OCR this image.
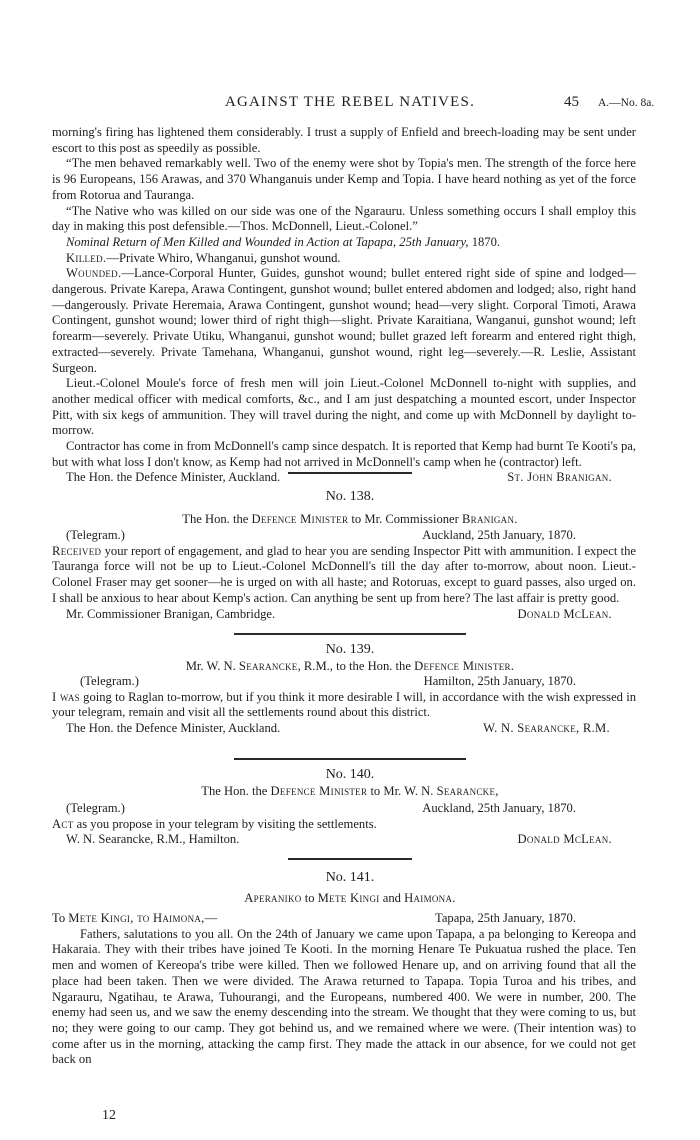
AGAINST THE REBEL NATIVES.	45 A.—No. 8a.

morning's firing has lightened them considerably. I trust a supply of Enfield and breech-loading may be sent under escort to this post as speedily as possible.

“The men behaved remarkably well. Two of the enemy were shot by Topia's men. The strength of the force here is 96 Europeans, 156 Arawas, and 370 Whanganuis under Kemp and Topia. I have heard nothing as yet of the force from Rotorua and Tauranga.

“The Native who was killed on our side was one of the Ngarauru. Unless something occurs I shall employ this day in making this post defensible.—Thos. McDonnell, Lieut.-Colonel.”

Nominal Return of Men Killed and Wounded in Action at Tapapa, 25th January, 1870.

Killed.—Private Whiro, Whanganui, gunshot wound.

Wounded.—Lance-Corporal Hunter, Guides, gunshot wound; bullet entered right side of spine and lodged—dangerous. Private Karepa, Arawa Contingent, gunshot wound; bullet entered abdomen and lodged; also, right hand—dangerously. Private Heremaia, Arawa Contingent, gunshot wound; head—very slight. Corporal Timoti, Arawa Contingent, gunshot wound; lower third of right thigh—slight. Private Karaitiana, Wanganui, gunshot wound; left forearm—severely. Private Utiku, Whanganui, gunshot wound; bullet grazed left forearm and entered right thigh, extracted—severely. Private Tamehana, Whanganui, gunshot wound, right leg—severely.—R. Leslie, Assistant Surgeon.

Lieut.-Colonel Moule's force of fresh men will join Lieut.-Colonel McDonnell to-night with supplies, and another medical officer with medical comforts, &c., and I am just despatching a mounted escort, under Inspector Pitt, with six kegs of ammunition. They will travel during the night, and come up with McDonnell by daylight to-morrow.

Contractor has come in from McDonnell's camp since despatch. It is reported that Kemp had burnt Te Kooti's pa, but with what loss I don't know, as Kemp had not arrived in McDonnell's camp when he (contractor) left.

The Hon. the Defence Minister, Auckland.	St. John Branigan.
No. 138.
The Hon. the Defence Minister to Mr. Commissioner Branigan.
(Telegram.)	Auckland, 25th January, 1870.

Received your report of engagement, and glad to hear you are sending Inspector Pitt with ammunition. I expect the Tauranga force will not be up to Lieut.-Colonel McDonnell's till the day after to-morrow, about noon. Lieut.-Colonel Fraser may get sooner—he is urged on with all haste; and Rotoruas, except to guard passes, also urged on. I shall be anxious to hear about Kemp's action. Can anything be sent up from here? The last affair is pretty good.

Mr. Commissioner Branigan, Cambridge.	Donald McLean.
No. 139.
Mr. W. N. Searancke, R.M., to the Hon. the Defence Minister.
(Telegram.)	Hamilton, 25th January, 1870.

I was going to Raglan to-morrow, but if you think it more desirable I will, in accordance with the wish expressed in your telegram, remain and visit all the settlements round about this district.

The Hon. the Defence Minister, Auckland.	W. N. Searancke, R.M.
No. 140.
The Hon. the Defence Minister to Mr. W. N. Searancke,
(Telegram.)	Auckland, 25th January, 1870.

Act as you propose in your telegram by visiting the settlements.

W. N. Searancke, R.M., Hamilton.	Donald McLean.
No. 141.
Aperaniko to Mete Kingi and Haimona.
To Mete Kingi, to Haimona,—	Tapapa, 25th January, 1870.

Fathers, salutations to you all. On the 24th of January we came upon Tapapa, a pa belonging to Kereopa and Hakaraia. They with their tribes have joined Te Kooti. In the morning Henare Te Pukuatua rushed the place. Ten men and women of Kereopa's tribe were killed. Then we followed Henare up, and on arriving found that all the place had been taken. Then we were divided. The Arawa returned to Tapapa. Topia Turoa and his tribes, and Ngarauru, Ngatihau, te Arawa, Tuhourangi, and the Europeans, numbered 400. We were in number, 200. The enemy had seen us, and we saw the enemy descending into the stream. We thought that they were coming to us, but no; they were going to our camp. They got behind us, and we remained where we were. (Their intention was) to come after us in the morning, attacking the camp first. They made the attack in our absence, for we could not get back on

12
